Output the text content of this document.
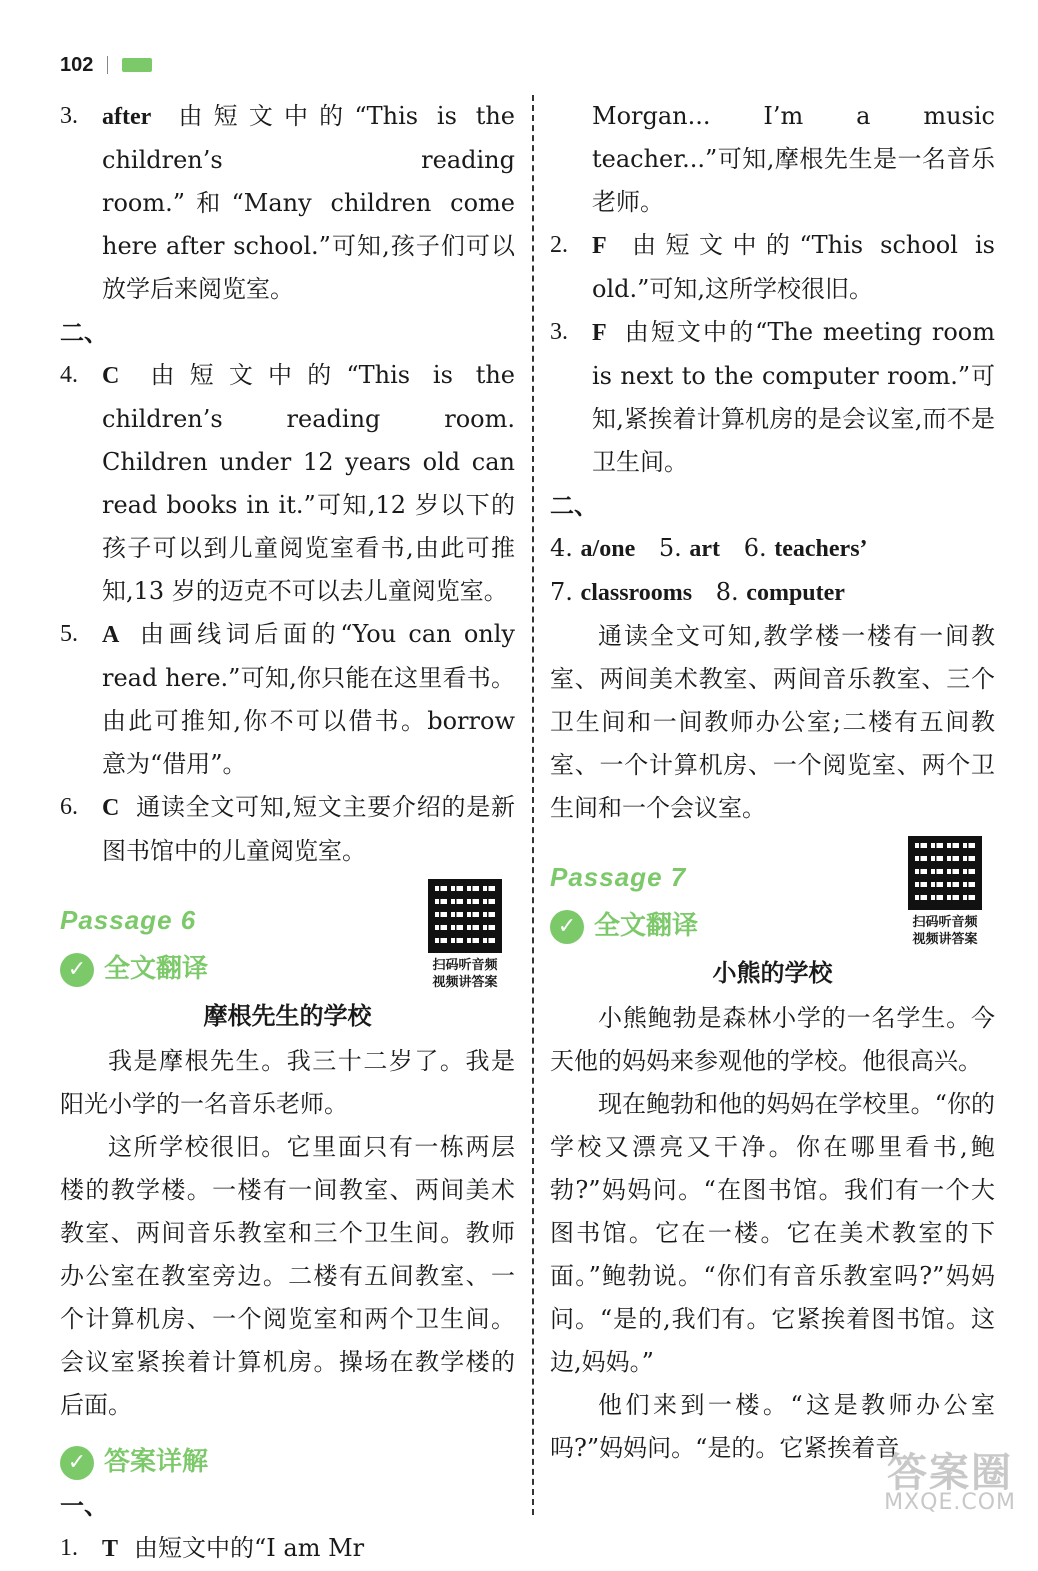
102
3.	after 由短文中的“This is the children’s reading room.”和“Many children come here after school.”可知,孩子们可以放学后来阅览室。
二、
4.	C 由短文中的“This is the children’s reading room. Children under 12 years old can read books in it.”可知,12 岁以下的孩子可以到儿童阅览室看书,由此可推知,13 岁的迈克不可以去儿童阅览室。
5.	A 由画线词后面的“You can only read here.”可知,你只能在这里看书。由此可推知,你不可以借书。borrow 意为“借用”。
6.	C 通读全文可知,短文主要介绍的是新图书馆中的儿童阅览室。
Passage 6
✓ 全文翻译	扫码听音频
视频讲答案
摩根先生的学校
我是摩根先生。我三十二岁了。我是阳光小学的一名音乐老师。
这所学校很旧。它里面只有一栋两层楼的教学楼。一楼有一间教室、两间美术教室、两间音乐教室和三个卫生间。教师办公室在教室旁边。二楼有五间教室、一个计算机房、一个阅览室和两个卫生间。会议室紧挨着计算机房。操场在教学楼的后面。
✓ 答案详解
一、
1.	T 由短文中的“I am Mr
Morgan... I’m a music teacher...”可知,摩根先生是一名音乐老师。
2.	F 由短文中的“This school is old.”可知,这所学校很旧。
3.	F 由短文中的“The meeting room is next to the computer room.”可知,紧挨着计算机房的是会议室,而不是卫生间。
二、
4. a/one 5. art 6. teachers’
7. classrooms 8. computer
通读全文可知,教学楼一楼有一间教室、两间美术教室、两间音乐教室、三个卫生间和一间教师办公室;二楼有五间教室、一个计算机房、一个阅览室、两个卫生间和一个会议室。
Passage 7
✓ 全文翻译	扫码听音频
视频讲答案
小熊的学校
小熊鲍勃是森林小学的一名学生。今天他的妈妈来参观他的学校。他很高兴。
现在鲍勃和他的妈妈在学校里。“你的学校又漂亮又干净。你在哪里看书,鲍勃?”妈妈问。“在图书馆。我们有一个大图书馆。它在一楼。它在美术教室的下面。”鲍勃说。“你们有音乐教室吗?”妈妈问。“是的,我们有。它紧挨着图书馆。这边,妈妈。”
他们来到一楼。“这是教师办公室吗?”妈妈问。“是的。它紧挨着音
答案圈
MXQE.COM
